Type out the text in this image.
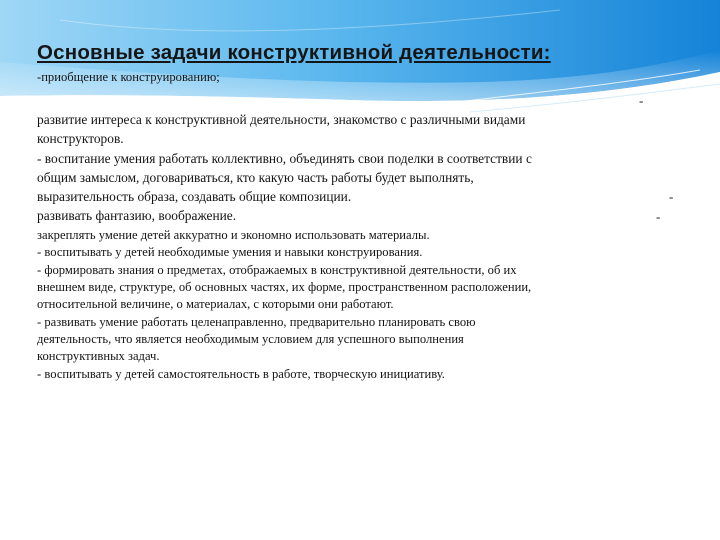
Основные задачи конструктивной деятельности:

-приобщение к конструированию;

-

развитие интереса к конструктивной деятельности, знакомство с различными видами

конструкторов.

- воспитание умения работать коллективно, объединять свои поделки в соответствии с

общим замыслом, договариваться, кто какую часть работы будет выполнять,

выразительность образа, создавать общие композиции.	-

развивать фантазию, воображение.	-

закреплять умение детей аккуратно и экономно использовать материалы.

- воспитывать у детей необходимые умения и навыки конструирования.

- формировать знания о предметах, отображаемых в конструктивной деятельности, об их

внешнем виде, структуре, об основных частях, их форме, пространственном расположении,

относительной величине, о материалах, с которыми они работают.

- развивать умение работать целенаправленно, предварительно планировать свою

деятельность, что является необходимым условием для успешного выполнения

конструктивных задач.

- воспитывать у детей самостоятельность в работе, творческую инициативу.
